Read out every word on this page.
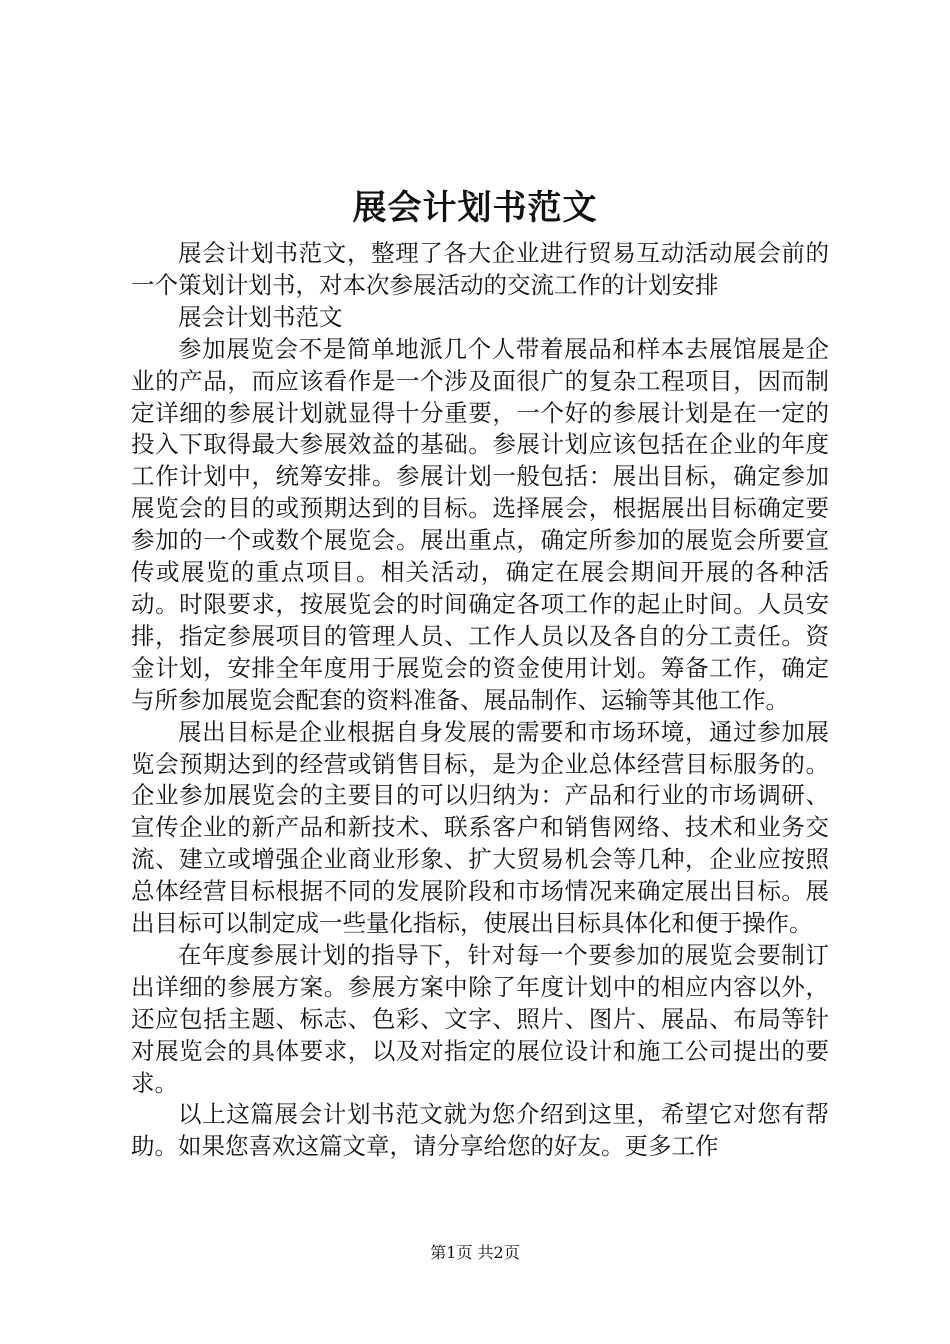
展会计划书范文

展会计划书范文，整理了各大企业进行贸易互动活动展会前的一个策划计划书，对本次参展活动的交流工作的计划安排

展会计划书范文

参加展览会不是简单地派几个人带着展品和样本去展馆展是企业的产品，而应该看作是一个涉及面很广的复杂工程项目，因而制定详细的参展计划就显得十分重要，一个好的参展计划是在一定的投入下取得最大参展效益的基础。参展计划应该包括在企业的年度工作计划中，统筹安排。参展计划一般包括：展出目标，确定参加展览会的目的或预期达到的目标。选择展会，根据展出目标确定要参加的一个或数个展览会。展出重点，确定所参加的展览会所要宣传或展览的重点项目。相关活动，确定在展会期间开展的各种活动。时限要求，按展览会的时间确定各项工作的起止时间。人员安排，指定参展项目的管理人员、工作人员以及各自的分工责任。资金计划，安排全年度用于展览会的资金使用计划。筹备工作，确定与所参加展览会配套的资料准备、展品制作、运输等其他工作。

展出目标是企业根据自身发展的需要和市场环境，通过参加展览会预期达到的经营或销售目标，是为企业总体经营目标服务的。企业参加展览会的主要目的可以归纳为：产品和行业的市场调研、宣传企业的新产品和新技术、联系客户和销售网络、技术和业务交流、建立或增强企业商业形象、扩大贸易机会等几种，企业应按照总体经营目标根据不同的发展阶段和市场情况来确定展出目标。展出目标可以制定成一些量化指标，使展出目标具体化和便于操作。

在年度参展计划的指导下，针对每一个要参加的展览会要制订出详细的参展方案。参展方案中除了年度计划中的相应内容以外，还应包括主题、标志、色彩、文字、照片、图片、展品、布局等针对展览会的具体要求，以及对指定的展位设计和施工公司提出的要求。

以上这篇展会计划书范文就为您介绍到这里，希望它对您有帮助。如果您喜欢这篇文章，请分享给您的好友。更多工作

第1页 共2页
